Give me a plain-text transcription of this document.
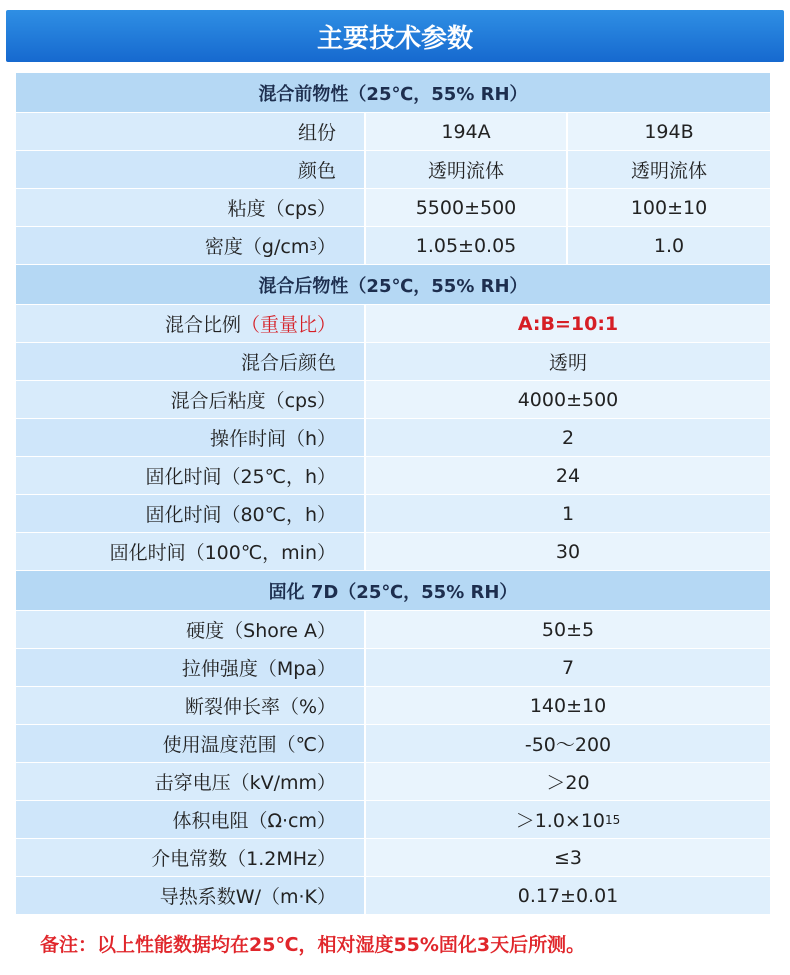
主要技术参数
混合前物性（25℃，55% RH）
组份	194A	194B
颜色	透明流体	透明流体
粘度（cps）	5500±500	100±10
密度（g/cm 3 ）	1.05±0.05	1.0
混合后物性（25℃，55% RH）
混合比例 （重量比）	A:B=10:1
混合后颜色	透明
混合后粘度（cps）	4000±500
操作时间（h）	2
固化时间（25℃，h）	24
固化时间（80℃，h）	1
固化时间（100℃，min）	30
固化 7D（25℃，55% RH）
硬度（Shore A）	50±5
拉伸强度（Mpa）	7
断裂伸长率（%）	140±10
使用温度范围（℃）	-50～200
击穿电压（kV/mm）	＞20
体积电阻（Ω·cm）	＞1.0×10 15
介电常数（1.2MHz）	≤3
导热系数W/（m·K）	0.17±0.01
备注：以上性能数据均在25℃，相对湿度55%固化3天后所测。
